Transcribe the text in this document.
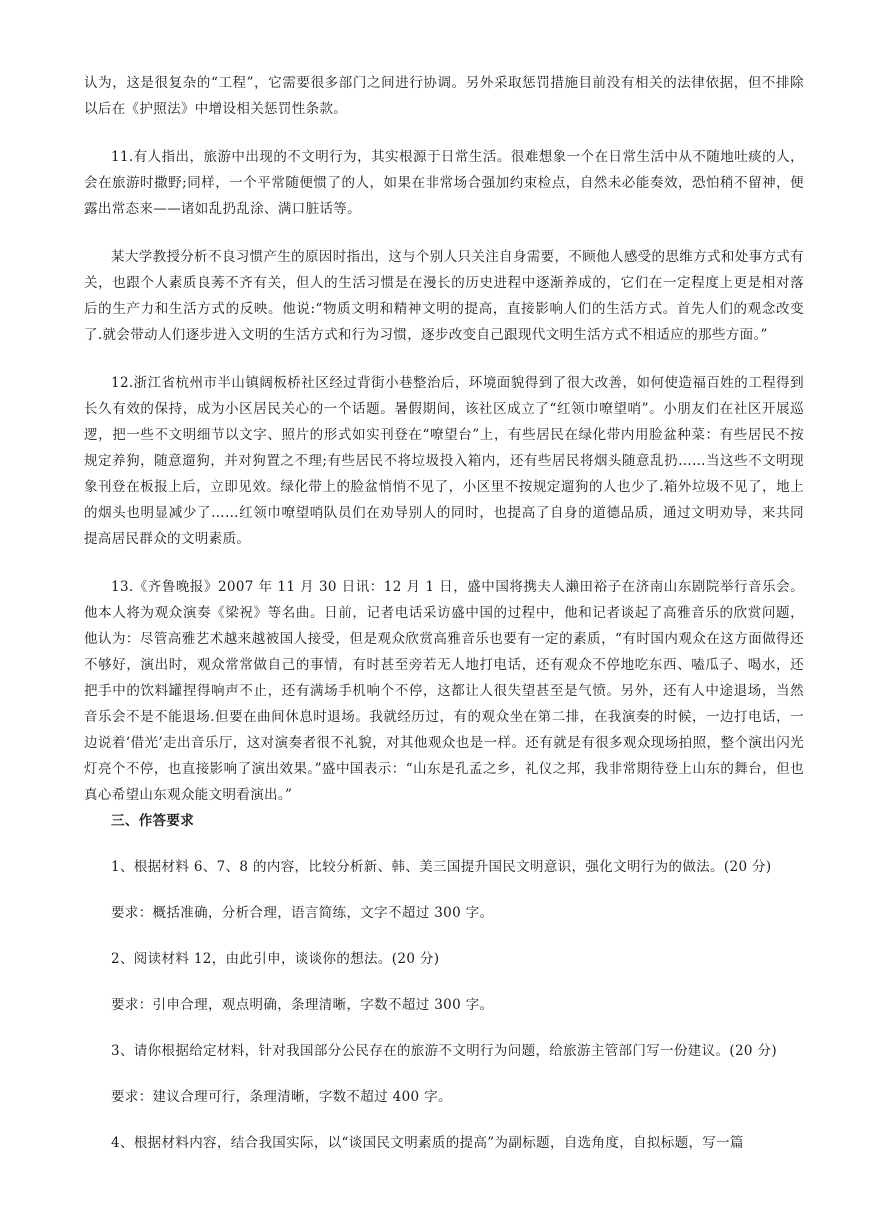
认为，这是很复杂的“工程”，它需要很多部门之间进行协调。另外采取惩罚措施目前没有相关的法律依据，但不排除以后在《护照法》中增设相关惩罚性条款。

11.有人指出，旅游中出现的不文明行为，其实根源于日常生活。很难想象一个在日常生活中从不随地吐痰的人，会在旅游时撒野;同样，一个平常随便惯了的人，如果在非常场合强加约束检点，自然未必能奏效，恐怕稍不留神，便露出常态来——诸如乱扔乱涂、满口脏话等。

某大学教授分析不良习惯产生的原因时指出，这与个别人只关注自身需要，不顾他人感受的思维方式和处事方式有关，也跟个人素质良莠不齐有关，但人的生活习惯是在漫长的历史进程中逐渐养成的，它们在一定程度上更是相对落后的生产力和生活方式的反映。他说:“物质文明和精神文明的提高，直接影响人们的生活方式。首先人们的观念改变了.就会带动人们逐步进入文明的生活方式和行为习惯，逐步改变自己跟现代文明生活方式不相适应的那些方面。”

12.浙江省杭州市半山镇阔板桥社区经过背街小巷整治后，环境面貌得到了很大改善，如何使造福百姓的工程得到长久有效的保持，成为小区居民关心的一个话题。暑假期间，该社区成立了“红领巾嘹望哨”。小朋友们在社区开展巡逻，把一些不文明细节以文字、照片的形式如实刊登在“嘹望台”上，有些居民在绿化带内用脸盆种菜：有些居民不按规定养狗，随意遛狗，并对狗置之不理;有些居民不将垃圾投入箱内，还有些居民将烟头随意乱扔……当这些不文明现象刊登在板报上后，立即见效。绿化带上的脸盆悄悄不见了，小区里不按规定遛狗的人也少了.箱外垃圾不见了，地上的烟头也明显减少了……红领巾嘹望哨队员们在劝导别人的同时，也提高了自身的道德品质，通过文明劝导，来共同提高居民群众的文明素质。

13.《齐鲁晚报》2007 年 11 月 30 日讯：12 月 1 日，盛中国将携夫人濑田裕子在济南山东剧院举行音乐会。他本人将为观众演奏《梁祝》等名曲。日前，记者电话采访盛中国的过程中，他和记者谈起了高雅音乐的欣赏问题，他认为：尽管高雅艺术越来越被国人接受，但是观众欣赏高雅音乐也要有一定的素质，“有时国内观众在这方面做得还不够好，演出时，观众常常做自己的事情，有时甚至旁若无人地打电话，还有观众不停地吃东西、嗑瓜子、喝水，还把手中的饮料罐捏得响声不止，还有满场手机响个不停，这都让人很失望甚至是气愤。另外，还有人中途退场，当然音乐会不是不能退场.但要在曲间休息时退场。我就经历过，有的观众坐在第二排，在我演奏的时候，一边打电话，一边说着‘借光’走出音乐厅，这对演奏者很不礼貌，对其他观众也是一样。还有就是有很多观众现场拍照，整个演出闪光灯亮个不停，也直接影响了演出效果。”盛中国表示：“山东是孔孟之乡，礼仪之邦，我非常期待登上山东的舞台，但也真心希望山东观众能文明看演出。”

三、作答要求

1、根据材料 6、7、8 的内容，比较分析新、韩、美三国提升国民文明意识，强化文明行为的做法。(20 分)

要求：概括准确，分析合理，语言简练，文字不超过 300 字。

2、阅读材料 12，由此引申，谈谈你的想法。(20 分)

要求：引申合理，观点明确，条理清晰，字数不超过 300 字。

3、请你根据给定材料，针对我国部分公民存在的旅游不文明行为问题，给旅游主管部门写一份建议。(20 分)

要求：建议合理可行，条理清晰，字数不超过 400 字。

4、根据材料内容，结合我国实际，以“谈国民文明素质的提高”为副标题，自选角度，自拟标题，写一篇
